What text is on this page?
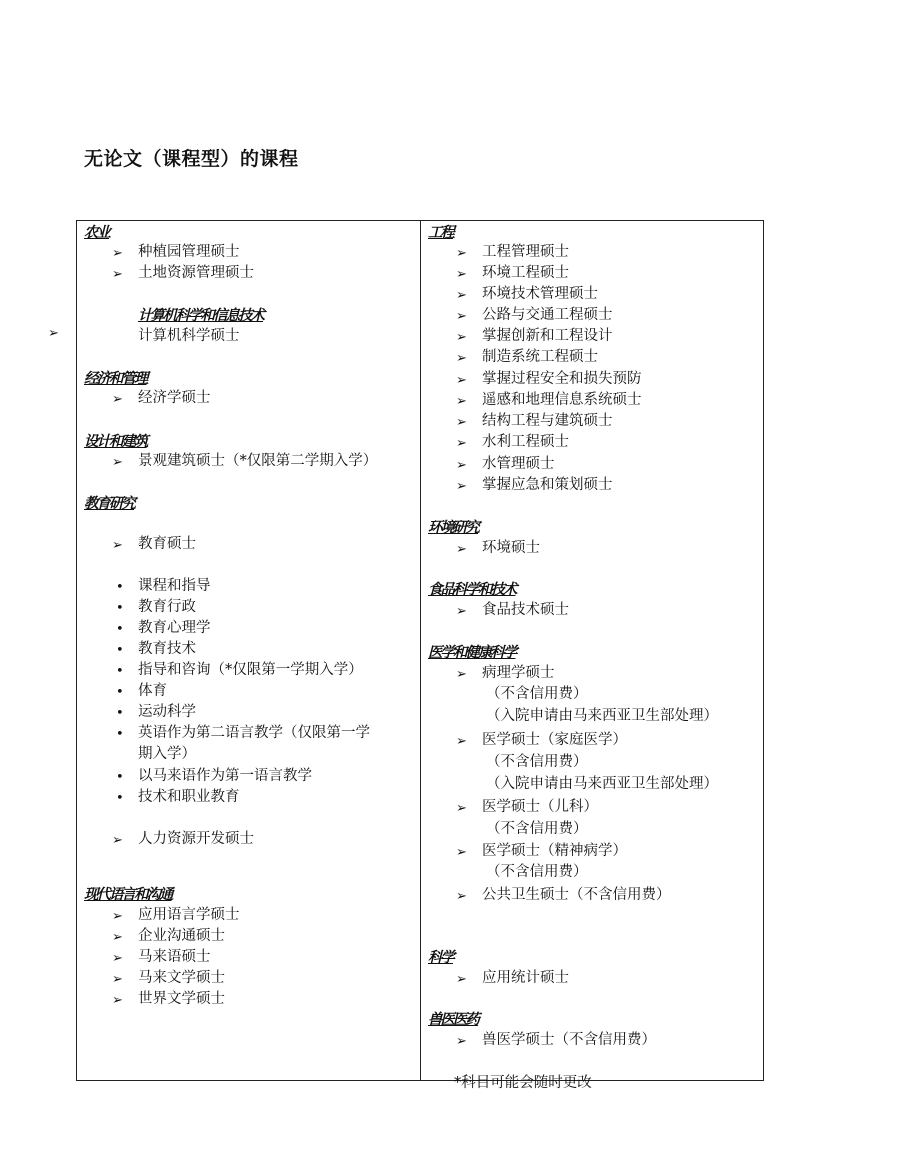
无论文（课程型）的课程
➢
农业
➢ 种植园管理硕士
➢ 土地资源管理硕士
计算机科学和信息技术
计算机科学硕士
经济和管理
➢ 经济学硕士
设计和建筑
➢ 景观建筑硕士（*仅限第二学期入学）
教育研究
➢ 教育硕士
• 课程和指导
• 教育行政
• 教育心理学
• 教育技术
• 指导和咨询（*仅限第一学期入学）
• 体育
• 运动科学
• 英语作为第二语言教学（仅限第一学
期入学）
• 以马来语作为第一语言教学
• 技术和职业教育
➢ 人力资源开发硕士
现代语言和沟通
➢ 应用语言学硕士
➢ 企业沟通硕士
➢ 马来语硕士
➢ 马来文学硕士
➢ 世界文学硕士
工程
➢ 工程管理硕士
➢ 环境工程硕士
➢ 环境技术管理硕士
➢ 公路与交通工程硕士
➢ 掌握创新和工程设计
➢ 制造系统工程硕士
➢ 掌握过程安全和损失预防
➢ 遥感和地理信息系统硕士
➢ 结构工程与建筑硕士
➢ 水利工程硕士
➢ 水管理硕士
➢ 掌握应急和策划硕士
环境研究
➢ 环境硕士
食品科学和技术
➢ 食品技术硕士
医学和健康科学
➢ 病理学硕士
（不含信用费）
（入院申请由马来西亚卫生部处理）
➢ 医学硕士（家庭医学）
（不含信用费）
（入院申请由马来西亚卫生部处理）
➢ 医学硕士（儿科）
（不含信用费）
➢ 医学硕士（精神病学）
（不含信用费）
➢ 公共卫生硕士（不含信用费）
科学
➢ 应用统计硕士
兽医医药
➢ 兽医学硕士（不含信用费）
*科目可能会随时更改
